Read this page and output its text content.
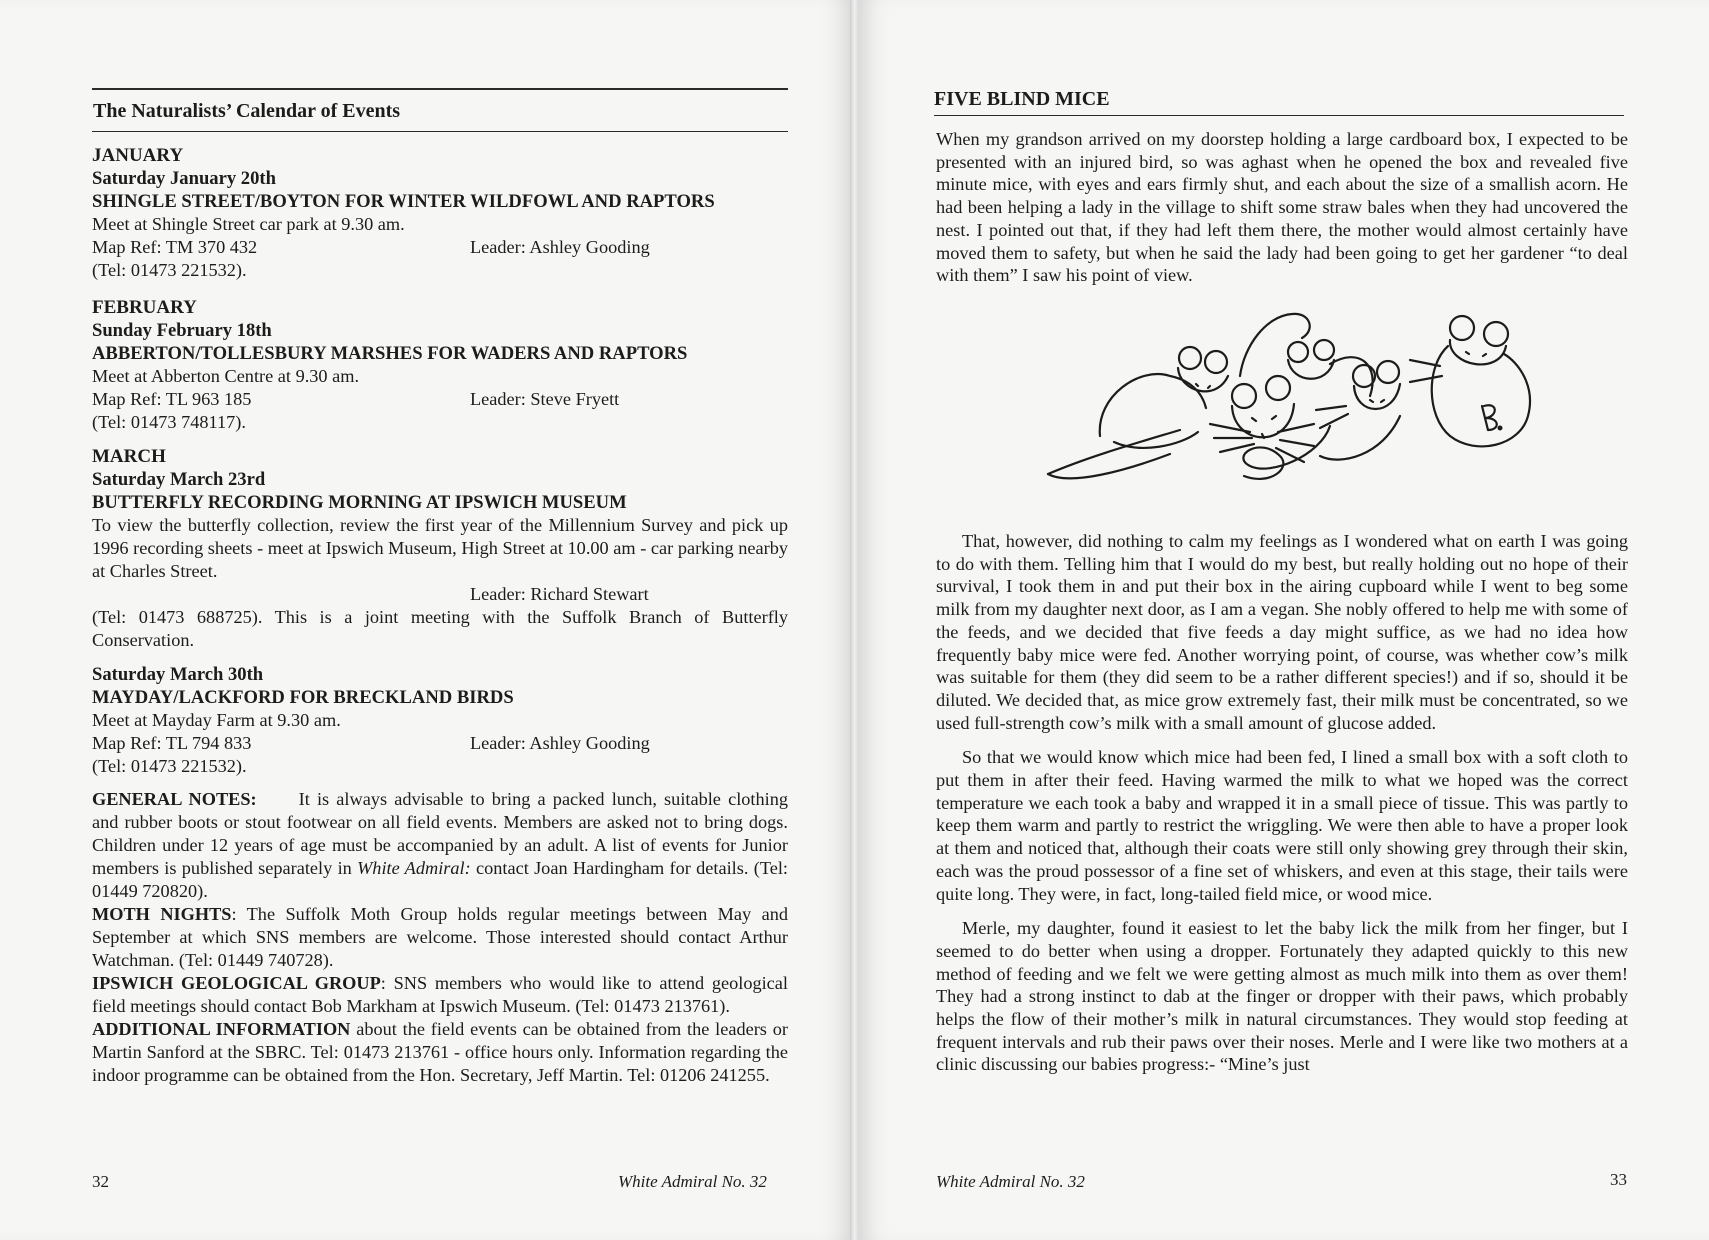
The Naturalists’ Calendar of Events

JANUARY

Saturday January 20th

SHINGLE STREET/BOYTON FOR WINTER WILDFOWL AND RAPTORS

Meet at Shingle Street car park at 9.30 am.

Map Ref: TM 370 432	Leader: Ashley Gooding

(Tel: 01473 221532).

FEBRUARY

Sunday February 18th

ABBERTON/TOLLESBURY MARSHES FOR WADERS AND RAPTORS

Meet at Abberton Centre at 9.30 am.

Map Ref: TL 963 185	Leader: Steve Fryett

(Tel: 01473 748117).

MARCH

Saturday March 23rd

BUTTERFLY RECORDING MORNING AT IPSWICH MUSEUM

To view the butterfly collection, review the first year of the Millennium Survey and pick up 1996 recording sheets - meet at Ipswich Museum, High Street at 10.00 am - car parking nearby at Charles Street.

Leader: Richard Stewart

(Tel: 01473 688725). This is a joint meeting with the Suffolk Branch of Butterfly Conservation.

Saturday March 30th

MAYDAY/LACKFORD FOR BRECKLAND BIRDS

Meet at Mayday Farm at 9.30 am.

Map Ref: TL 794 833	Leader: Ashley Gooding

(Tel: 01473 221532).

GENERAL NOTES: It is always advisable to bring a packed lunch, suitable clothing and rubber boots or stout footwear on all field events. Members are asked not to bring dogs. Children under 12 years of age must be accompanied by an adult. A list of events for Junior members is published separately in White Admiral: contact Joan Hardingham for details. (Tel: 01449 720820).

MOTH NIGHTS: The Suffolk Moth Group holds regular meetings between May and September at which SNS members are welcome. Those interested should contact Arthur Watchman. (Tel: 01449 740728).

IPSWICH GEOLOGICAL GROUP: SNS members who would like to attend geological field meetings should contact Bob Markham at Ipswich Museum. (Tel: 01473 213761).

ADDITIONAL INFORMATION about the field events can be obtained from the leaders or Martin Sanford at the SBRC. Tel: 01473 213761 - office hours only. Information regarding the indoor programme can be obtained from the Hon. Secretary, Jeff Martin. Tel: 01206 241255.

32	White Admiral No. 32
FIVE BLIND MICE
White Admiral No. 32	33

When my grandson arrived on my doorstep holding a large cardboard box, I expected to be presented with an injured bird, so was aghast when he opened the box and revealed five minute mice, with eyes and ears firmly shut, and each about the size of a smallish acorn. He had been helping a lady in the village to shift some straw bales when they had uncovered the nest. I pointed out that, if they had left them there, the mother would almost certainly have moved them to safety, but when he said the lady had been going to get her gardener “to deal with them” I saw his point of view.

That, however, did nothing to calm my feelings as I wondered what on earth I was going to do with them. Telling him that I would do my best, but really holding out no hope of their survival, I took them in and put their box in the airing cupboard while I went to beg some milk from my daughter next door, as I am a vegan. She nobly offered to help me with some of the feeds, and we decided that five feeds a day might suffice, as we had no idea how frequently baby mice were fed. Another worrying point, of course, was whether cow’s milk was suitable for them (they did seem to be a rather different species!) and if so, should it be diluted. We decided that, as mice grow extremely fast, their milk must be concentrated, so we used full-strength cow’s milk with a small amount of glucose added.

So that we would know which mice had been fed, I lined a small box with a soft cloth to put them in after their feed. Having warmed the milk to what we hoped was the correct temperature we each took a baby and wrapped it in a small piece of tissue. This was partly to keep them warm and partly to restrict the wriggling. We were then able to have a proper look at them and noticed that, although their coats were still only showing grey through their skin, each was the proud possessor of a fine set of whiskers, and even at this stage, their tails were quite long. They were, in fact, long-tailed field mice, or wood mice.

Merle, my daughter, found it easiest to let the baby lick the milk from her finger, but I seemed to do better when using a dropper. Fortunately they adapted quickly to this new method of feeding and we felt we were getting almost as much milk into them as over them! They had a strong instinct to dab at the finger or dropper with their paws, which probably helps the flow of their mother’s milk in natural circumstances. They would stop feeding at frequent intervals and rub their paws over their noses. Merle and I were like two mothers at a clinic discussing our babies progress:- “Mine’s just
